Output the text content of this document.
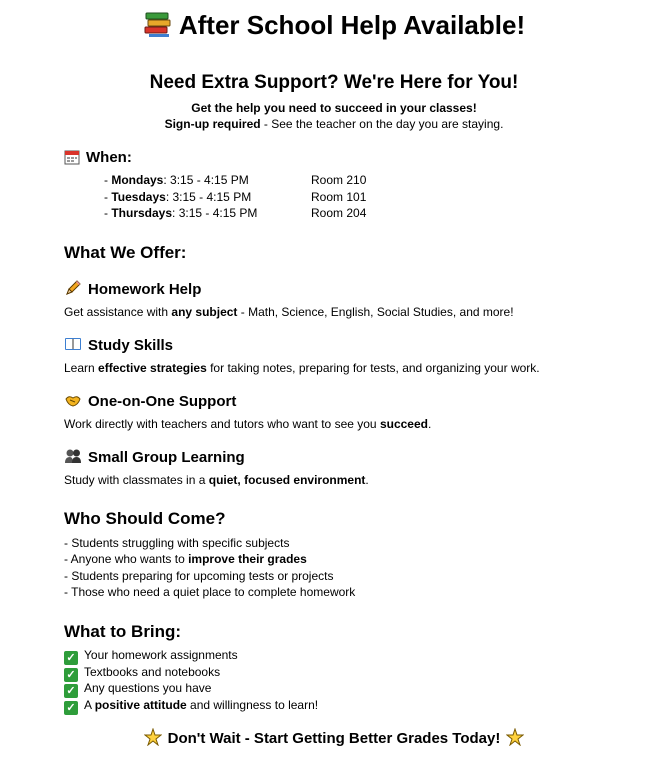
After School Help Available!
Need Extra Support? We're Here for You!
Get the help you need to succeed in your classes!
Sign-up required - See the teacher on the day you are staying.
When:
- Mondays: 3:15 - 4:15 PM	Room 210
- Tuesdays: 3:15 - 4:15 PM	Room 101
- Thursdays: 3:15 - 4:15 PM	Room 204
What We Offer:
Homework Help
Get assistance with any subject - Math, Science, English, Social Studies, and more!
Study Skills
Learn effective strategies for taking notes, preparing for tests, and organizing your work.
One-on-One Support
Work directly with teachers and tutors who want to see you succeed.
Small Group Learning
Study with classmates in a quiet, focused environment.
Who Should Come?
- Students struggling with specific subjects
- Anyone who wants to improve their grades
- Students preparing for upcoming tests or projects
- Those who need a quiet place to complete homework
What to Bring:
✓ Your homework assignments
✓ Textbooks and notebooks
✓ Any questions you have
✓ A positive attitude and willingness to learn!
Don't Wait - Start Getting Better Grades Today!
